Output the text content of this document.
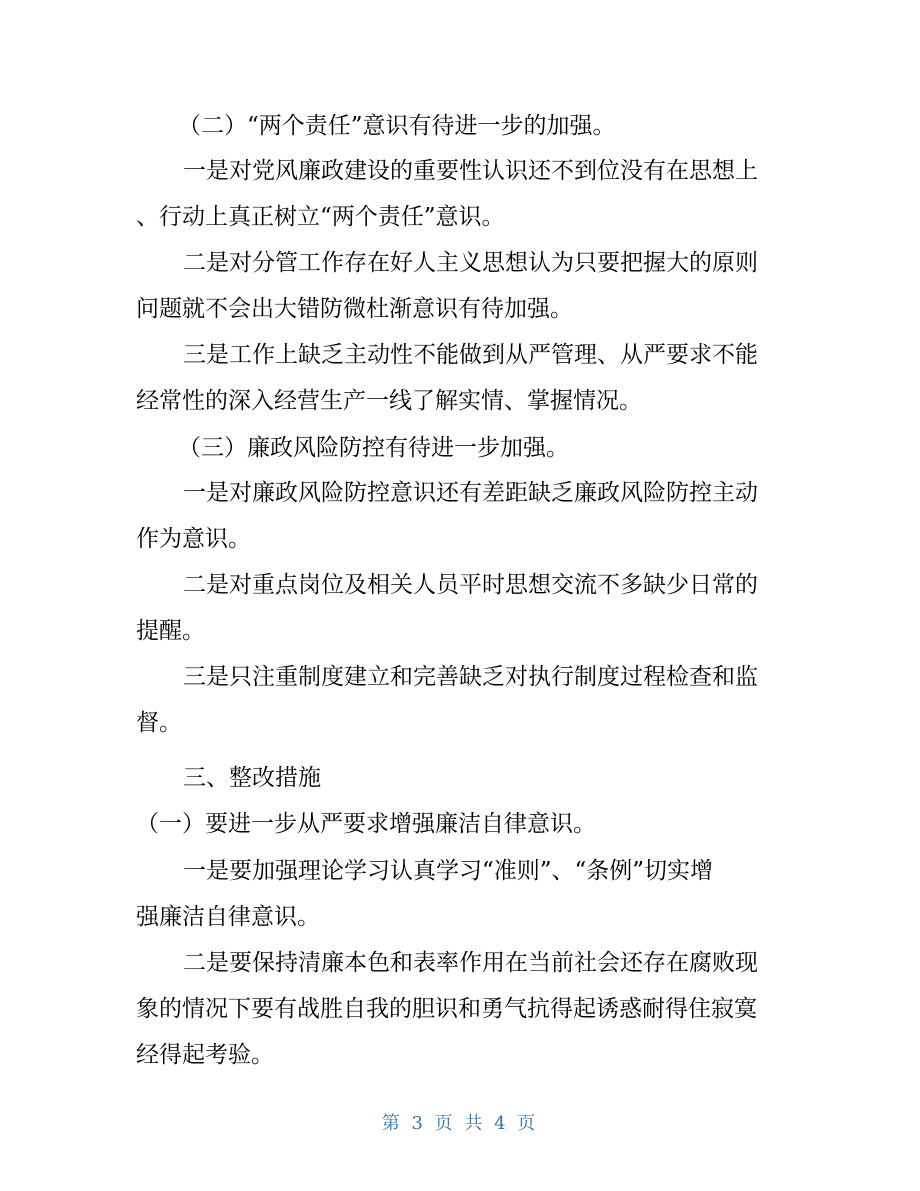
（二）“两个责任”意识有待进一步的加强。
一是对党风廉政建设的重要性认识还不到位没有在思想上
、行动上真正树立“两个责任”意识。
二是对分管工作存在好人主义思想认为只要把握大的原则
问题就不会出大错防微杜渐意识有待加强。
三是工作上缺乏主动性不能做到从严管理、从严要求不能
经常性的深入经营生产一线了解实情、掌握情况。
（三）廉政风险防控有待进一步加强。
一是对廉政风险防控意识还有差距缺乏廉政风险防控主动
作为意识。
二是对重点岗位及相关人员平时思想交流不多缺少日常的
提醒。
三是只注重制度建立和完善缺乏对执行制度过程检查和监
督。
三、整改措施
（一）要进一步从严要求增强廉洁自律意识。
一是要加强理论学习认真学习“准则”、“条例”切实增
强廉洁自律意识。
二是要保持清廉本色和表率作用在当前社会还存在腐败现
象的情况下要有战胜自我的胆识和勇气抗得起诱惑耐得住寂寞
经得起考验。
第 3 页 共 4 页
